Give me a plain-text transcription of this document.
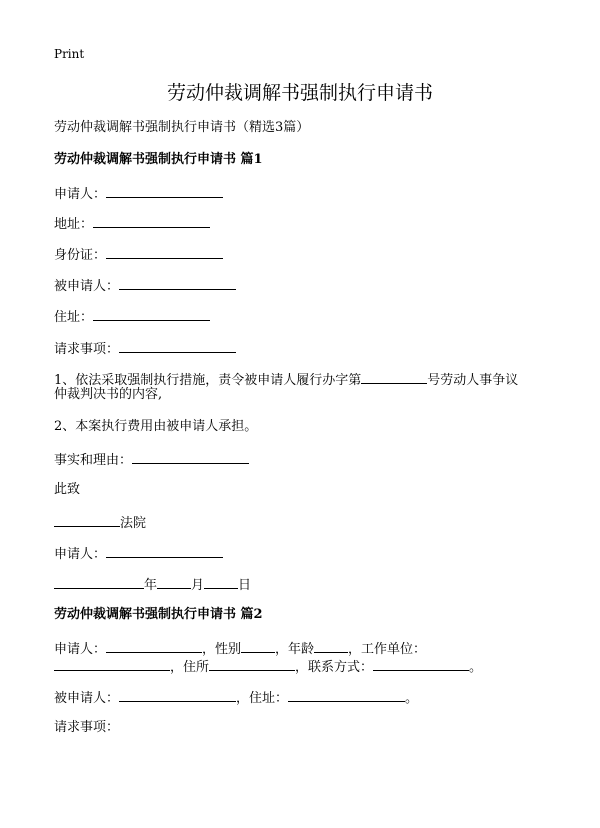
Print
劳动仲裁调解书强制执行申请书
劳动仲裁调解书强制执行申请书（精选3篇）
劳动仲裁调解书强制执行申请书 篇1
申请人：
地址：
身份证：
被申请人：
住址：
请求事项：
1、依法采取强制执行措施，责令被申请人履行办字第	号劳动人事争议
仲裁判决书的内容,
2、本案执行费用由被申请人承担。
事实和理由：
此致
法院
申请人：
年	月	日
劳动仲裁调解书强制执行申请书 篇2
申请人：	，性别	，年龄	，工作单位：
，住所	，联系方式：	。
被申请人：	，住址：	。
请求事项：
